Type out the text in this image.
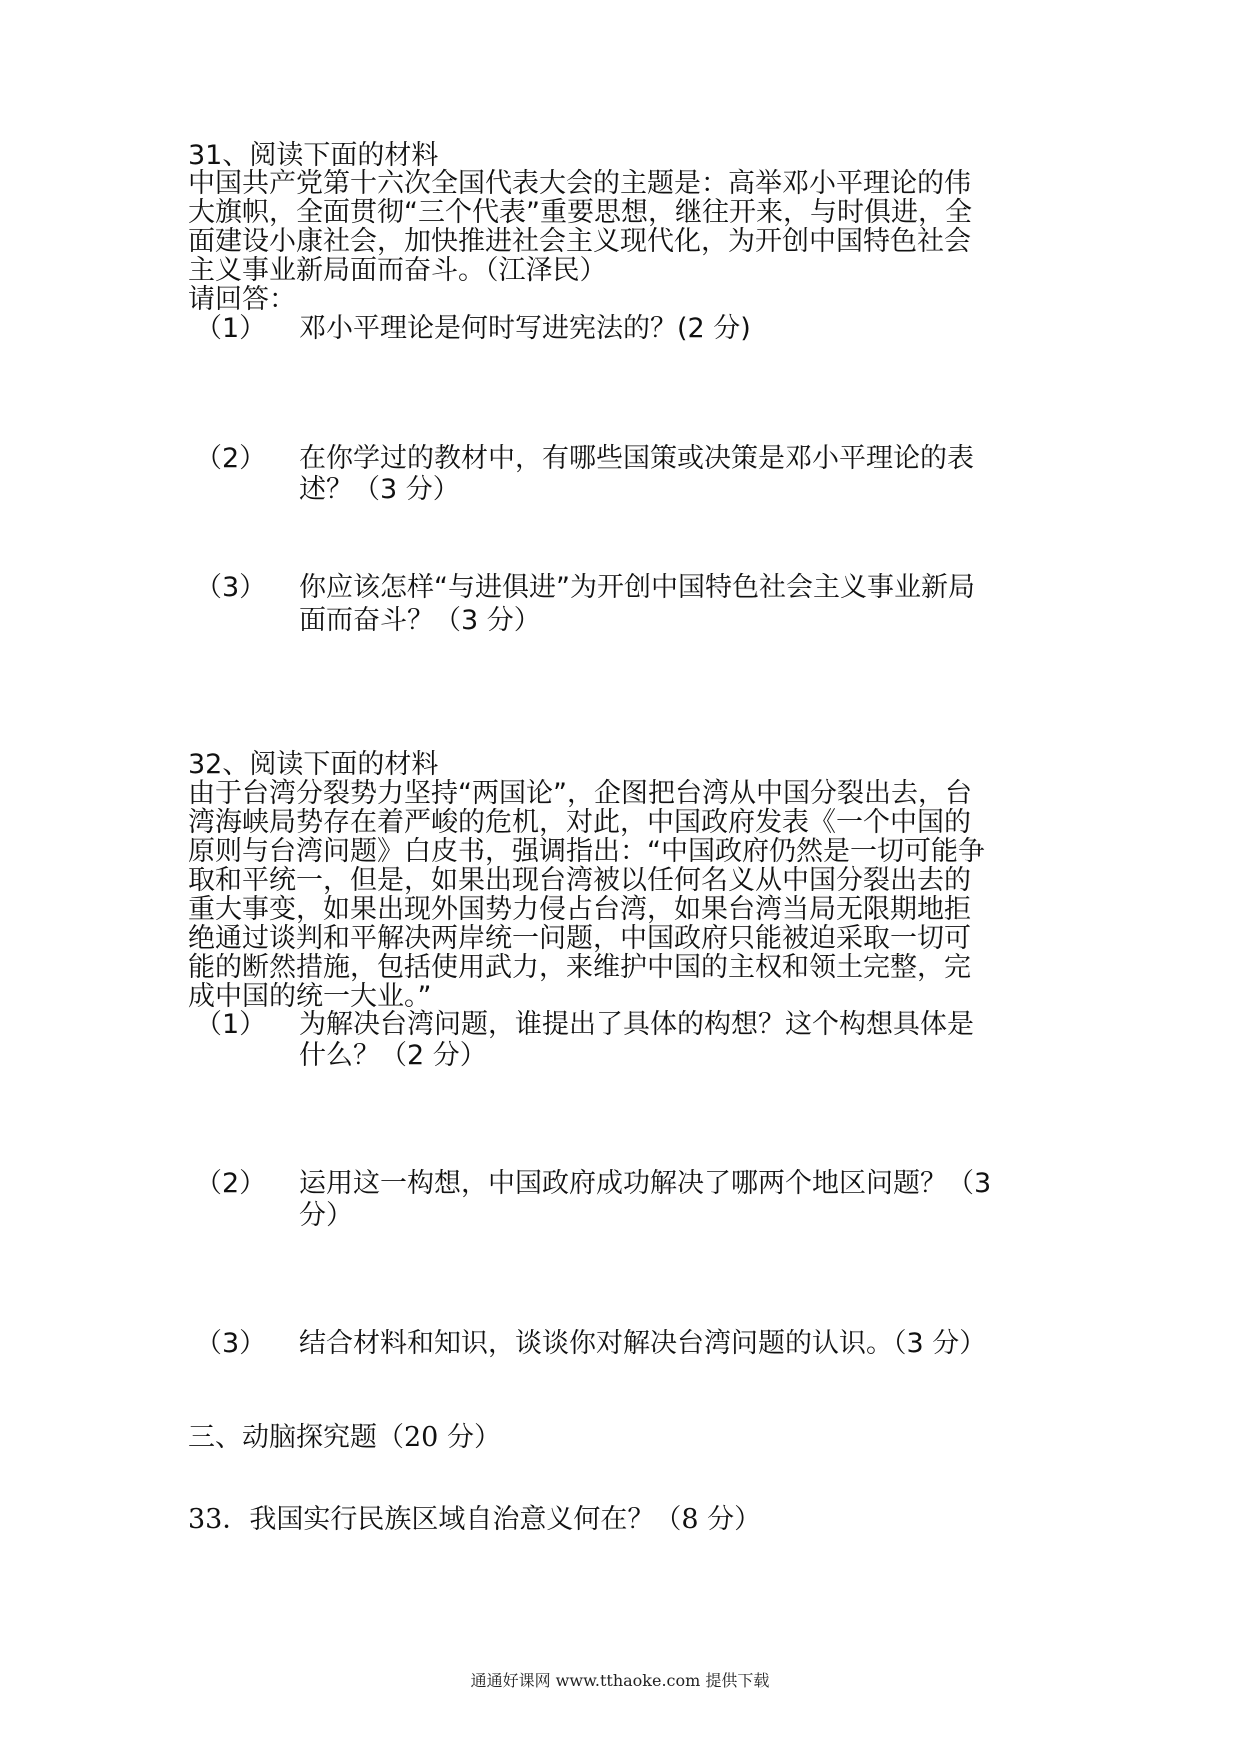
31、阅读下面的材料
中国共产党第十六次全国代表大会的主题是：高举邓小平理论的伟
大旗帜，全面贯彻“三个代表”重要思想，继往开来，与时俱进，全
面建设小康社会，加快推进社会主义现代化，为开创中国特色社会
主义事业新局面而奋斗。（江泽民）
请回答：
（1） 邓小平理论是何时写进宪法的？(2 分)
（2） 在你学过的教材中，有哪些国策或决策是邓小平理论的表
述？（3 分）
（3） 你应该怎样“与进俱进”为开创中国特色社会主义事业新局
面而奋斗？（3 分）
32、阅读下面的材料
由于台湾分裂势力坚持“两国论”，企图把台湾从中国分裂出去，台
湾海峡局势存在着严峻的危机，对此，中国政府发表《一个中国的
原则与台湾问题》白皮书，强调指出：“中国政府仍然是一切可能争
取和平统一，但是，如果出现台湾被以任何名义从中国分裂出去的
重大事变，如果出现外国势力侵占台湾，如果台湾当局无限期地拒
绝通过谈判和平解决两岸统一问题，中国政府只能被迫采取一切可
能的断然措施，包括使用武力，来维护中国的主权和领土完整，完
成中国的统一大业。”
（1） 为解决台湾问题，谁提出了具体的构想？这个构想具体是
什么？（2 分）
（2） 运用这一构想，中国政府成功解决了哪两个地区问题？（3
分）
（3） 结合材料和知识，谈谈你对解决台湾问题的认识。（3 分）
三、动脑探究题（20 分）
33．我国实行民族区域自治意义何在？（8 分）
通通好课网 www.tthaoke.com 提供下载
